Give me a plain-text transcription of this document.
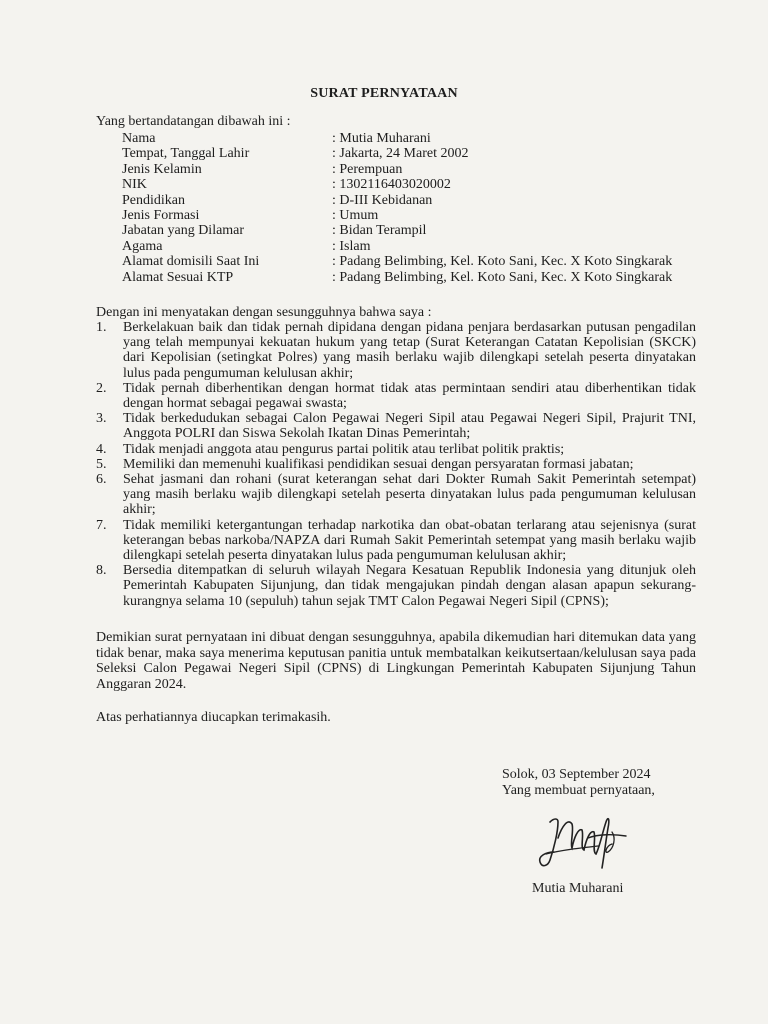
SURAT PERNYATAAN
Yang bertandatangan dibawah ini :
Nama	: Mutia Muharani
Tempat, Tanggal Lahir	: Jakarta, 24 Maret 2002
Jenis Kelamin	: Perempuan
NIK	: 1302116403020002
Pendidikan	: D-III Kebidanan
Jenis Formasi	: Umum
Jabatan yang Dilamar	: Bidan Terampil
Agama	: Islam
Alamat domisili Saat Ini	: Padang Belimbing, Kel. Koto Sani, Kec. X Koto Singkarak
Alamat Sesuai KTP	: Padang Belimbing, Kel. Koto Sani, Kec. X Koto Singkarak
Dengan ini menyatakan dengan sesungguhnya bahwa saya :
1.	Berkelakuan baik dan tidak pernah dipidana dengan pidana penjara berdasarkan putusan pengadilan yang telah mempunyai kekuatan hukum yang tetap (Surat Keterangan Catatan Kepolisian (SKCK) dari Kepolisian (setingkat Polres) yang masih berlaku wajib dilengkapi setelah peserta dinyatakan lulus pada pengumuman kelulusan akhir;
2.	Tidak pernah diberhentikan dengan hormat tidak atas permintaan sendiri atau diberhentikan tidak dengan hormat sebagai pegawai swasta;
3.	Tidak berkedudukan sebagai Calon Pegawai Negeri Sipil atau Pegawai Negeri Sipil, Prajurit TNI, Anggota POLRI dan Siswa Sekolah Ikatan Dinas Pemerintah;
4.	Tidak menjadi anggota atau pengurus partai politik atau terlibat politik praktis;
5.	Memiliki dan memenuhi kualifikasi pendidikan sesuai dengan persyaratan formasi jabatan;
6.	Sehat jasmani dan rohani (surat keterangan sehat dari Dokter Rumah Sakit Pemerintah setempat) yang masih berlaku wajib dilengkapi setelah peserta dinyatakan lulus pada pengumuman kelulusan akhir;
7.	Tidak memiliki ketergantungan terhadap narkotika dan obat-obatan terlarang atau sejenisnya (surat keterangan bebas narkoba/NAPZA dari Rumah Sakit Pemerintah setempat yang masih berlaku wajib dilengkapi setelah peserta dinyatakan lulus pada pengumuman kelulusan akhir;
8.	Bersedia ditempatkan di seluruh wilayah Negara Kesatuan Republik Indonesia yang ditunjuk oleh Pemerintah Kabupaten Sijunjung, dan tidak mengajukan pindah dengan alasan apapun sekurang-kurangnya selama 10 (sepuluh) tahun sejak TMT Calon Pegawai Negeri Sipil (CPNS);
Demikian surat pernyataan ini dibuat dengan sesungguhnya, apabila dikemudian hari ditemukan data yang tidak benar, maka saya menerima keputusan panitia untuk membatalkan keikutsertaan/kelulusan saya pada Seleksi Calon Pegawai Negeri Sipil (CPNS) di Lingkungan Pemerintah Kabupaten Sijunjung Tahun Anggaran 2024.
Atas perhatiannya diucapkan terimakasih.
Solok, 03 September 2024
Yang membuat pernyataan,
Mutia Muharani
